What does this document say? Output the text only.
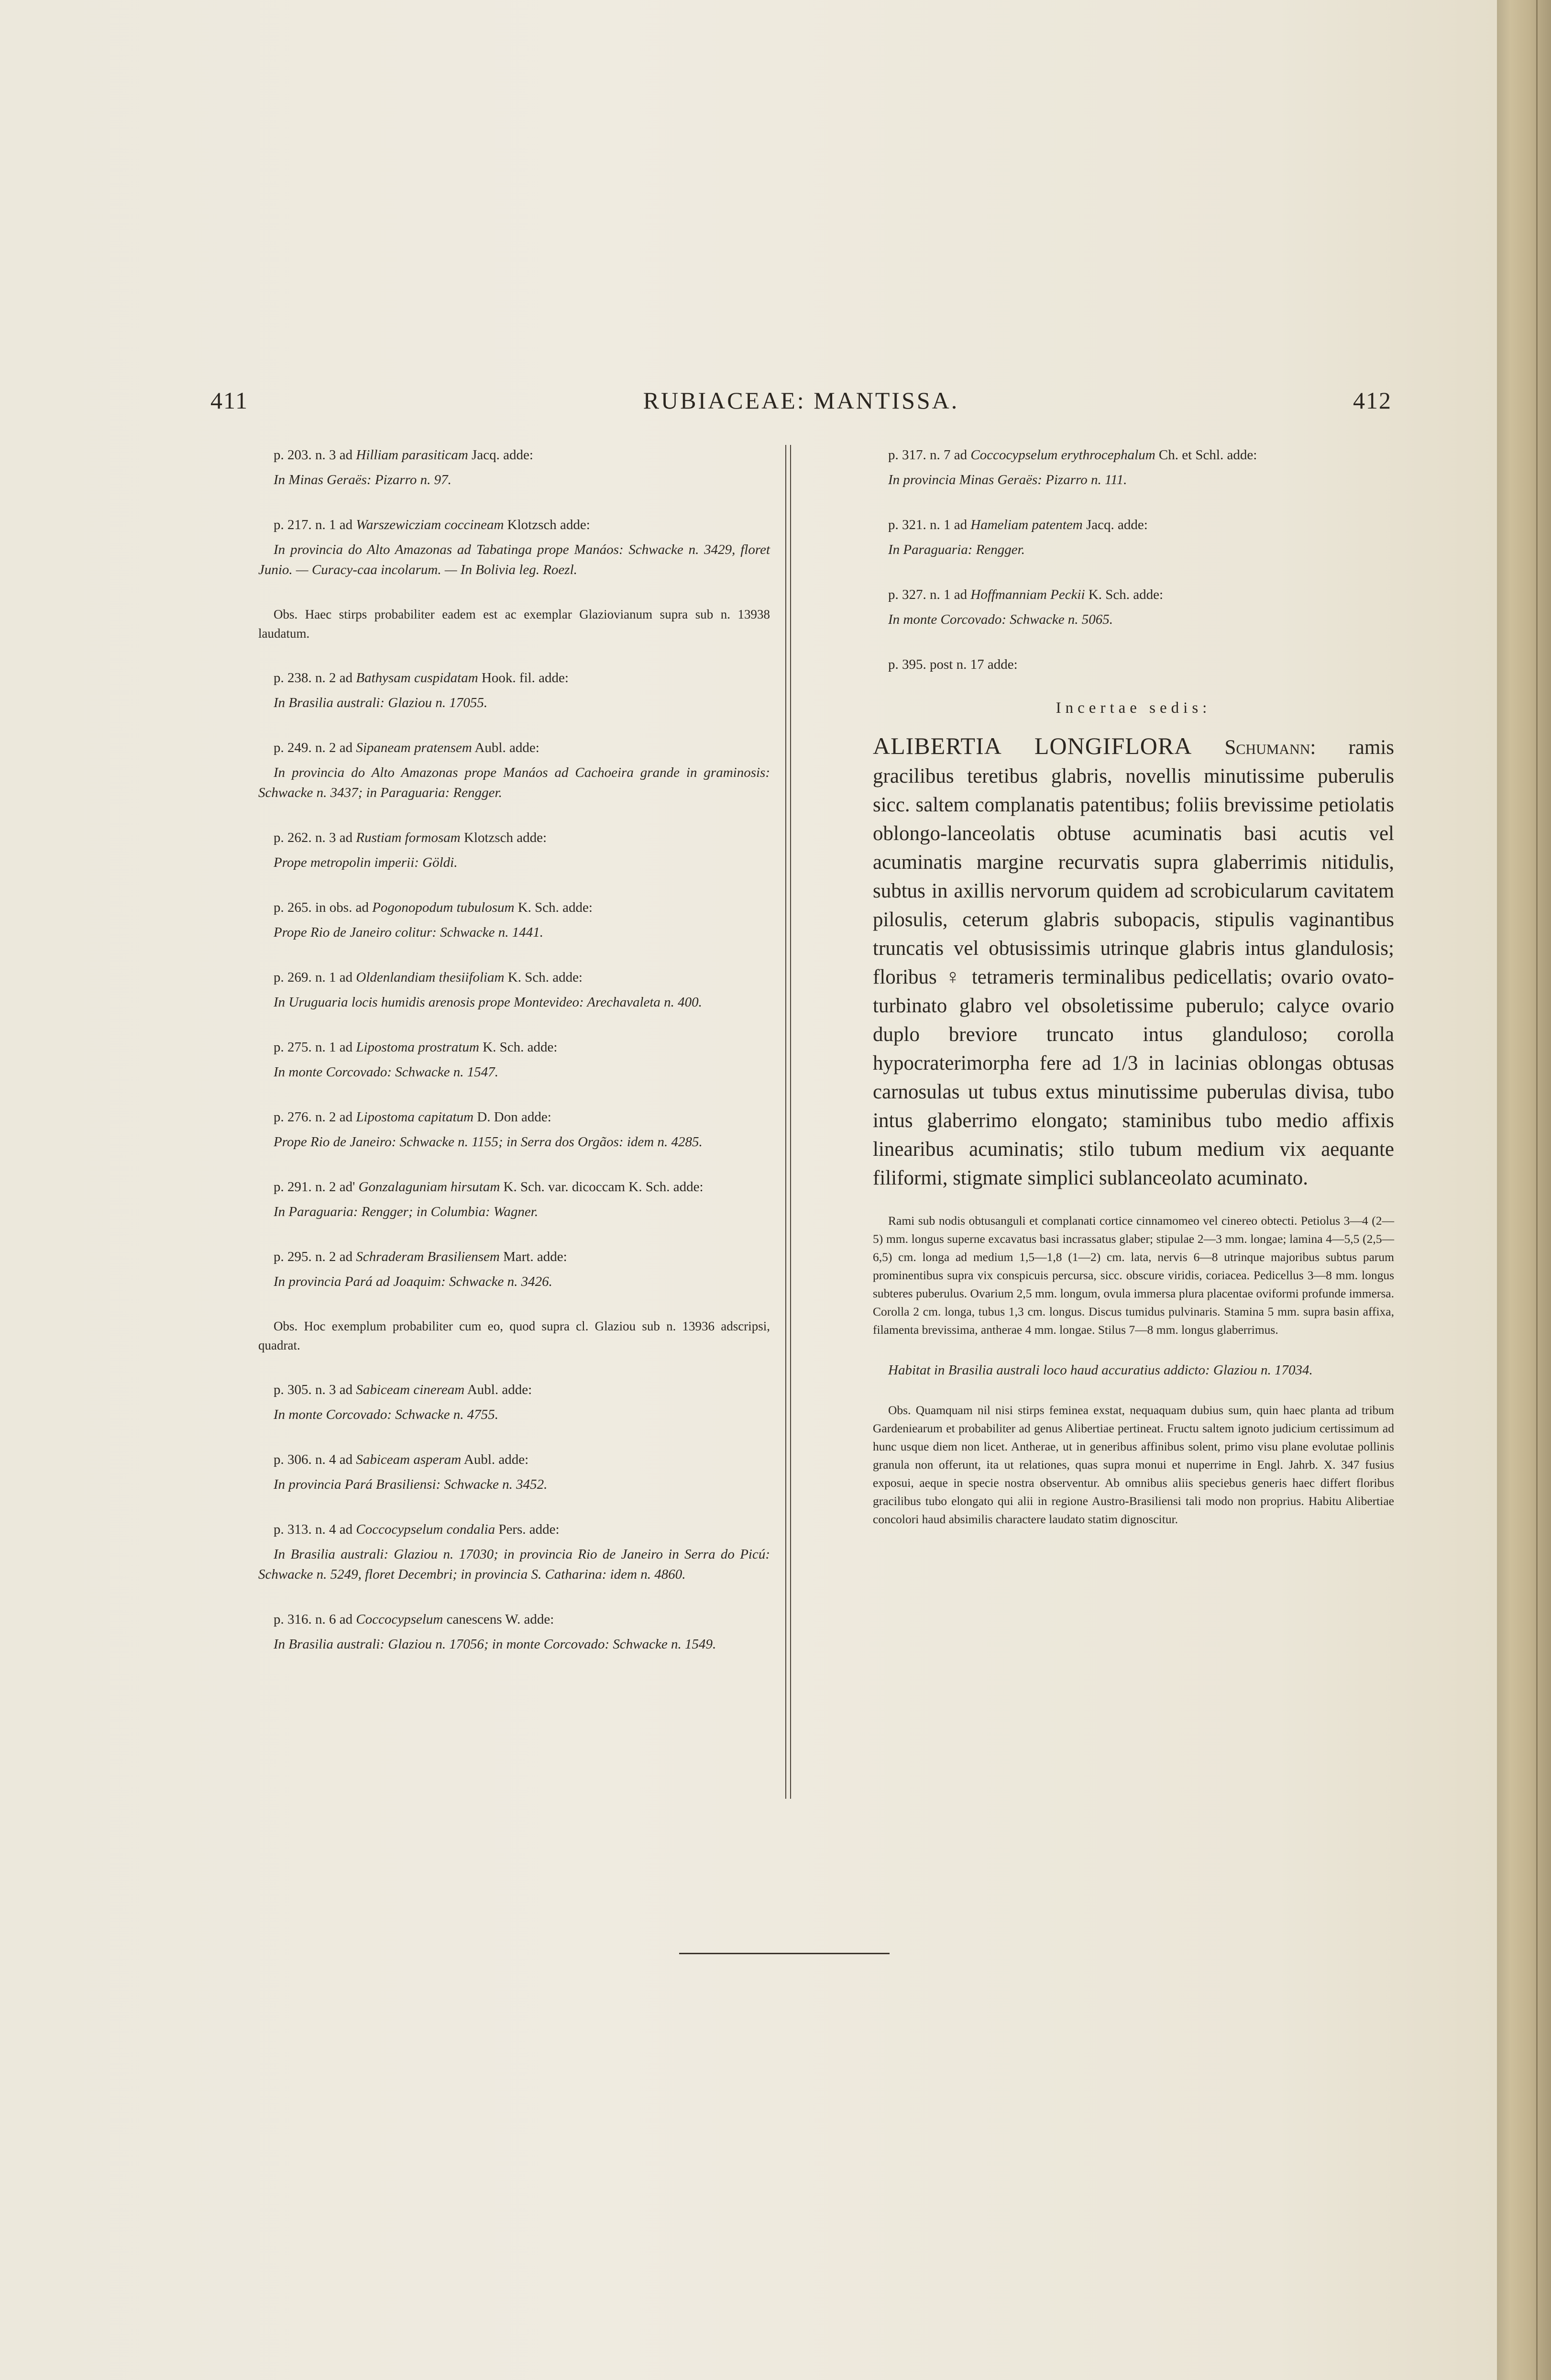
411	RUBIACEAE: MANTISSA.	412

p. 203. n. 3 ad Hilliam parasiticam Jacq. adde:

In Minas Geraës: Pizarro n. 97.

p. 217. n. 1 ad Warszewicziam coccineam Klotzsch adde:

In provincia do Alto Amazonas ad Tabatinga prope Manáos: Schwacke n. 3429, floret Junio. — Curacy-caa incolarum. — In Bolivia leg. Roezl.

Obs. Haec stirps probabiliter eadem est ac exemplar Glaziovianum supra sub n. 13938 laudatum.

p. 238. n. 2 ad Bathysam cuspidatam Hook. fil. adde:

In Brasilia australi: Glaziou n. 17055.

p. 249. n. 2 ad Sipaneam pratensem Aubl. adde:

In provincia do Alto Amazonas prope Manáos ad Cachoeira grande in graminosis: Schwacke n. 3437; in Paraguaria: Rengger.

p. 262. n. 3 ad Rustiam formosam Klotzsch adde:

Prope metropolin imperii: Göldi.

p. 265. in obs. ad Pogonopodum tubulosum K. Sch. adde:

Prope Rio de Janeiro colitur: Schwacke n. 1441.

p. 269. n. 1 ad Oldenlandiam thesiifoliam K. Sch. adde:

In Uruguaria locis humidis arenosis prope Montevideo: Arechavaleta n. 400.

p. 275. n. 1 ad Lipostoma prostratum K. Sch. adde:

In monte Corcovado: Schwacke n. 1547.

p. 276. n. 2 ad Lipostoma capitatum D. Don adde:

Prope Rio de Janeiro: Schwacke n. 1155; in Serra dos Orgãos: idem n. 4285.

p. 291. n. 2 ad' Gonzalaguniam hirsutam K. Sch. var. dicoccam K. Sch. adde:

In Paraguaria: Rengger; in Columbia: Wagner.

p. 295. n. 2 ad Schraderam Brasiliensem Mart. adde:

In provincia Pará ad Joaquim: Schwacke n. 3426.

Obs. Hoc exemplum probabiliter cum eo, quod supra cl. Glaziou sub n. 13936 adscripsi, quadrat.

p. 305. n. 3 ad Sabiceam cineream Aubl. adde:

In monte Corcovado: Schwacke n. 4755.

p. 306. n. 4 ad Sabiceam asperam Aubl. adde:

In provincia Pará Brasiliensi: Schwacke n. 3452.

p. 313. n. 4 ad Coccocypselum condalia Pers. adde:

In Brasilia australi: Glaziou n. 17030; in provincia Rio de Janeiro in Serra do Picú: Schwacke n. 5249, floret Decembri; in provincia S. Catharina: idem n. 4860.

p. 316. n. 6 ad Coccocypselum canescens W. adde:

In Brasilia australi: Glaziou n. 17056; in monte Corcovado: Schwacke n. 1549.

p. 317. n. 7 ad Coccocypselum erythrocephalum Ch. et Schl. adde:

In provincia Minas Geraës: Pizarro n. 111.

p. 321. n. 1 ad Hameliam patentem Jacq. adde:

In Paraguaria: Rengger.

p. 327. n. 1 ad Hoffmanniam Peckii K. Sch. adde:

In monte Corcovado: Schwacke n. 5065.

p. 395. post n. 17 adde:

Incertae sedis:

ALIBERTIA LONGIFLORA Schumann: ramis gracilibus teretibus glabris, novellis minutissime puberulis sicc. saltem complanatis patentibus; foliis brevissime petiolatis oblongo-lanceolatis obtuse acuminatis basi acutis vel acuminatis margine recurvatis supra glaberrimis nitidulis, subtus in axillis nervorum quidem ad scrobicularum cavitatem pilosulis, ceterum glabris subopacis, stipulis vaginantibus truncatis vel obtusissimis utrinque glabris intus glandulosis; floribus ♀ tetrameris terminalibus pedicellatis; ovario ovato-turbinato glabro vel obsoletissime puberulo; calyce ovario duplo breviore truncato intus glanduloso; corolla hypocraterimorpha fere ad 1/3 in lacinias oblongas obtusas carnosulas ut tubus extus minutissime puberulas divisa, tubo intus glaberrimo elongato; staminibus tubo medio affixis linearibus acuminatis; stilo tubum medium vix aequante filiformi, stigmate simplici sublanceolato acuminato.

Rami sub nodis obtusanguli et complanati cortice cinnamomeo vel cinereo obtecti. Petiolus 3—4 (2—5) mm. longus superne excavatus basi incrassatus glaber; stipulae 2—3 mm. longae; lamina 4—5,5 (2,5—6,5) cm. longa ad medium 1,5—1,8 (1—2) cm. lata, nervis 6—8 utrinque majoribus subtus parum prominentibus supra vix conspicuis percursa, sicc. obscure viridis, coriacea. Pedicellus 3—8 mm. longus subteres puberulus. Ovarium 2,5 mm. longum, ovula immersa plura placentae oviformi profunde immersa. Corolla 2 cm. longa, tubus 1,3 cm. longus. Discus tumidus pulvinaris. Stamina 5 mm. supra basin affixa, filamenta brevissima, antherae 4 mm. longae. Stilus 7—8 mm. longus glaberrimus.

Habitat in Brasilia australi loco haud accuratius addicto: Glaziou n. 17034.

Obs. Quamquam nil nisi stirps feminea exstat, nequaquam dubius sum, quin haec planta ad tribum Gardeniearum et probabiliter ad genus Alibertiae pertineat. Fructu saltem ignoto judicium certissimum ad hunc usque diem non licet. Antherae, ut in generibus affinibus solent, primo visu plane evolutae pollinis granula non offerunt, ita ut relationes, quas supra monui et nuperrime in Engl. Jahrb. X. 347 fusius exposui, aeque in specie nostra observentur. Ab omnibus aliis speciebus generis haec differt floribus gracilibus tubo elongato qui alii in regione Austro-Brasiliensi tali modo non proprius. Habitu Alibertiae concolori haud absimilis charactere laudato statim dignoscitur.
